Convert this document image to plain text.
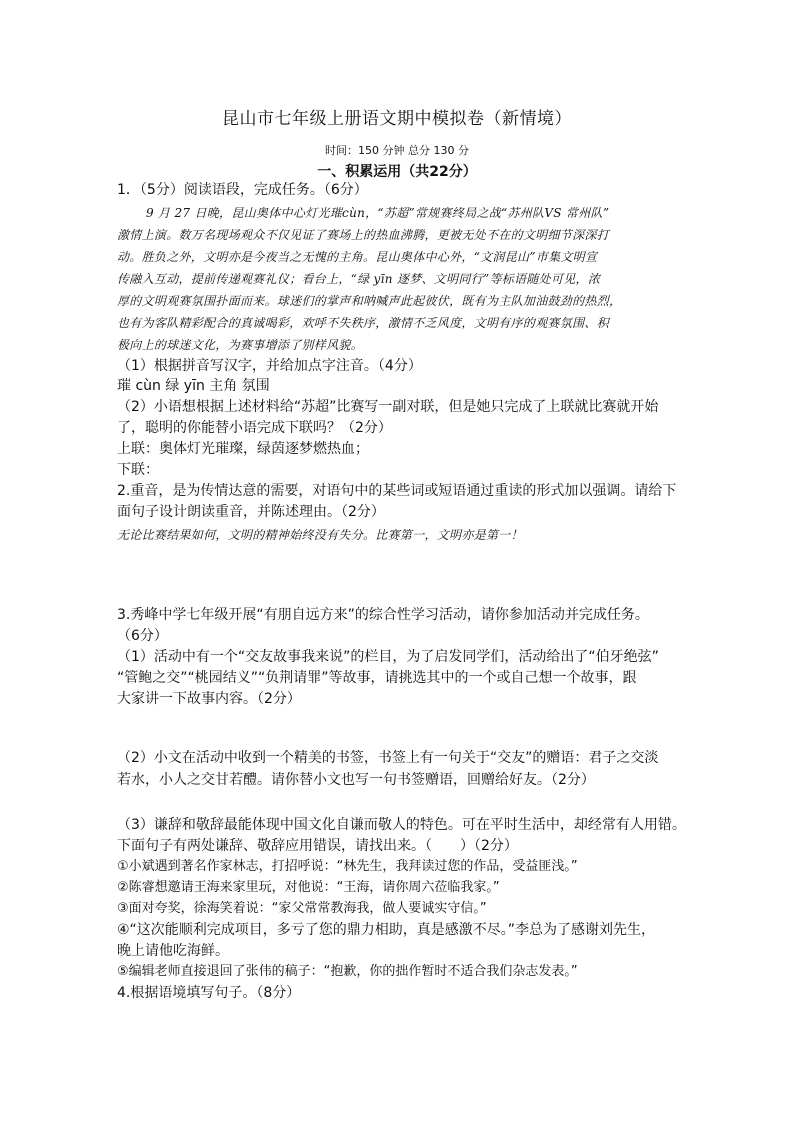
昆山市七年级上册语文期中模拟卷（新情境）
时间：150 分钟 总分 130 分
一、积累运用（共22分）
1．（5分）阅读语段，完成任务。（6分）
9 月 27 日晚，昆山奥体中心灯光璀cùn，“苏超”常规赛终局之战“苏州队VS 常州队”
激情上演。数万名现场观众不仅见证了赛场上的热血沸腾，更被无处不在的文明细节深深打
动。胜负之外，文明亦是今夜当之无愧的主角。昆山奥体中心外，“文润昆山”市集文明宣
传融入互动，提前传递观赛礼仪；看台上，“绿 yīn 逐梦、文明同行”等标语随处可见，浓
厚的文明观赛氛围扑面而来。球迷们的掌声和呐喊声此起彼伏，既有为主队加油鼓劲的热烈，
也有为客队精彩配合的真诚喝彩，欢呼不失秩序，激情不乏风度，文明有序的观赛氛围、积
极向上的球迷文化，为赛事增添了别样风貌。
（1）根据拼音写汉字，并给加点字注音。（4分）
璀 cùn 绿 yīn 主角 氛围
（2）小语想根据上述材料给“苏超”比赛写一副对联，但是她只完成了上联就比赛就开始
了，聪明的你能替小语完成下联吗？（2分）
上联：奥体灯光璀璨，绿茵逐梦燃热血；
下联：
2.重音，是为传情达意的需要，对语句中的某些词或短语通过重读的形式加以强调。请给下
面句子设计朗读重音，并陈述理由。（2分）
无论比赛结果如何，文明的精神始终没有失分。比赛第一，文明亦是第一！
3.秀峰中学七年级开展“有朋自远方来”的综合性学习活动，请你参加活动并完成任务。
（6分）
（1）活动中有一个“交友故事我来说”的栏目，为了启发同学们，活动给出了“伯牙绝弦”
“管鲍之交”“桃园结义”“负荆请罪”等故事，请挑选其中的一个或自己想一个故事，跟
大家讲一下故事内容。（2分）
（2）小文在活动中收到一个精美的书签，书签上有一句关于“交友”的赠语：君子之交淡
若水，小人之交甘若醴。请你替小文也写一句书签赠语，回赠给好友。（2分）
（3）谦辞和敬辞最能体现中国文化自谦而敬人的特色。可在平时生活中，却经常有人用错。
下面句子有两处谦辞、敬辞应用错误，请找出来。（　　）（2分）
①小斌遇到著名作家林志，打招呼说：“林先生，我拜读过您的作品，受益匪浅。”
②陈睿想邀请王海来家里玩，对他说：“王海，请你周六莅临我家。”
③面对夸奖，徐海笑着说：“家父常常教海我，做人要诚实守信。”
④“这次能顺利完成项目，多亏了您的鼎力相助，真是感激不尽。”李总为了感谢刘先生，
晚上请他吃海鲜。
⑤编辑老师直接退回了张伟的稿子：“抱歉，你的拙作暂时不适合我们杂志发表。”
4.根据语境填写句子。（8分）
